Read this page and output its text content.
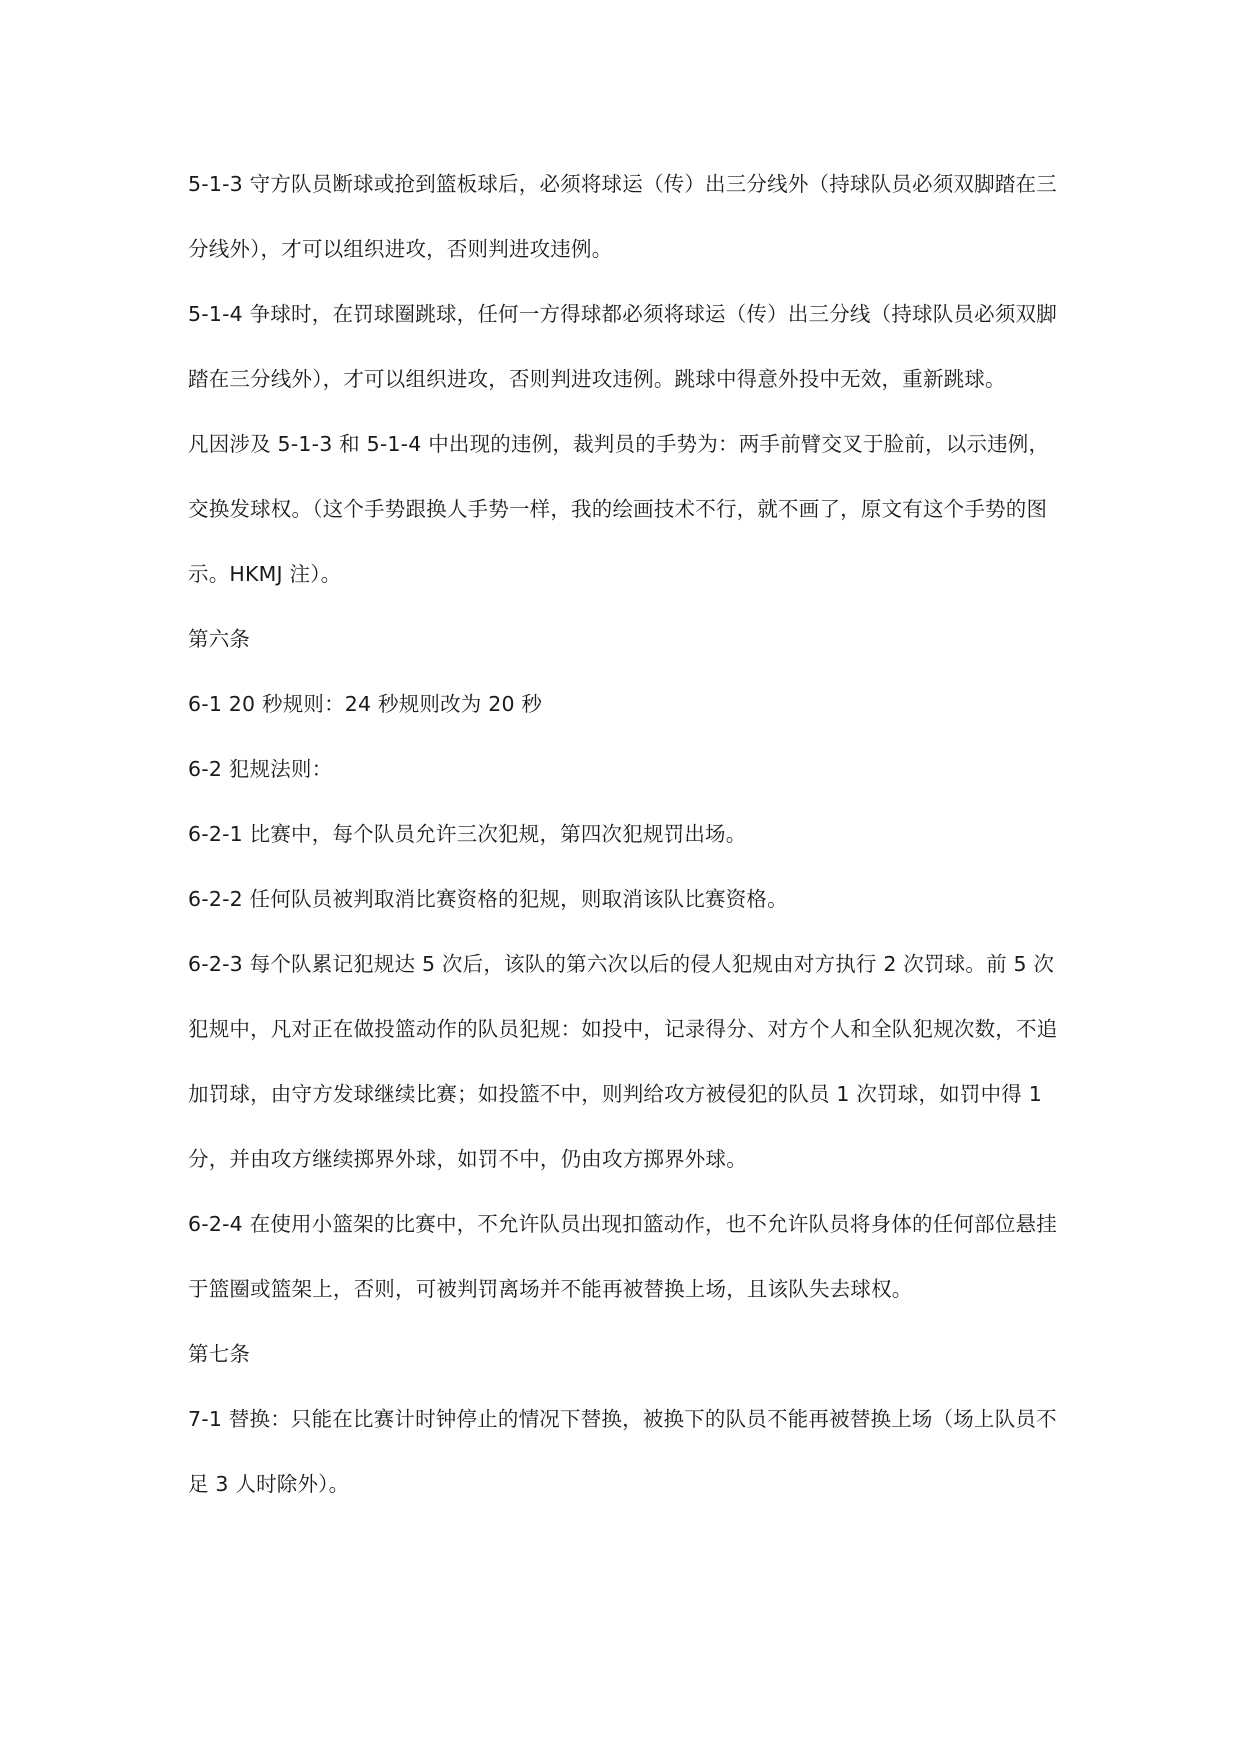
5-1-3 守方队员断球或抢到篮板球后，必须将球运（传）出三分线外（持球队员必须双脚踏在三分线外），才可以组织进攻，否则判进攻违例。

5-1-4 争球时，在罚球圈跳球，任何一方得球都必须将球运（传）出三分线（持球队员必须双脚踏在三分线外），才可以组织进攻，否则判进攻违例。跳球中得意外投中无效，重新跳球。

凡因涉及 5-1-3 和 5-1-4 中出现的违例，裁判员的手势为：两手前臂交叉于脸前，以示违例，交换发球权。（这个手势跟换人手势一样，我的绘画技术不行，就不画了，原文有这个手势的图示。HKMJ 注）。

第六条

6-1 20 秒规则：24 秒规则改为 20 秒

6-2 犯规法则：

6-2-1 比赛中，每个队员允许三次犯规，第四次犯规罚出场。

6-2-2 任何队员被判取消比赛资格的犯规，则取消该队比赛资格。

6-2-3 每个队累记犯规达 5 次后，该队的第六次以后的侵人犯规由对方执行 2 次罚球。前 5 次犯规中，凡对正在做投篮动作的队员犯规：如投中，记录得分、对方个人和全队犯规次数，不追加罚球，由守方发球继续比赛；如投篮不中，则判给攻方被侵犯的队员 1 次罚球，如罚中得 1 分，并由攻方继续掷界外球，如罚不中，仍由攻方掷界外球。

6-2-4 在使用小篮架的比赛中，不允许队员出现扣篮动作，也不允许队员将身体的任何部位悬挂于篮圈或篮架上，否则，可被判罚离场并不能再被替换上场，且该队失去球权。

第七条

7-1 替换：只能在比赛计时钟停止的情况下替换，被换下的队员不能再被替换上场（场上队员不足 3 人时除外）。
